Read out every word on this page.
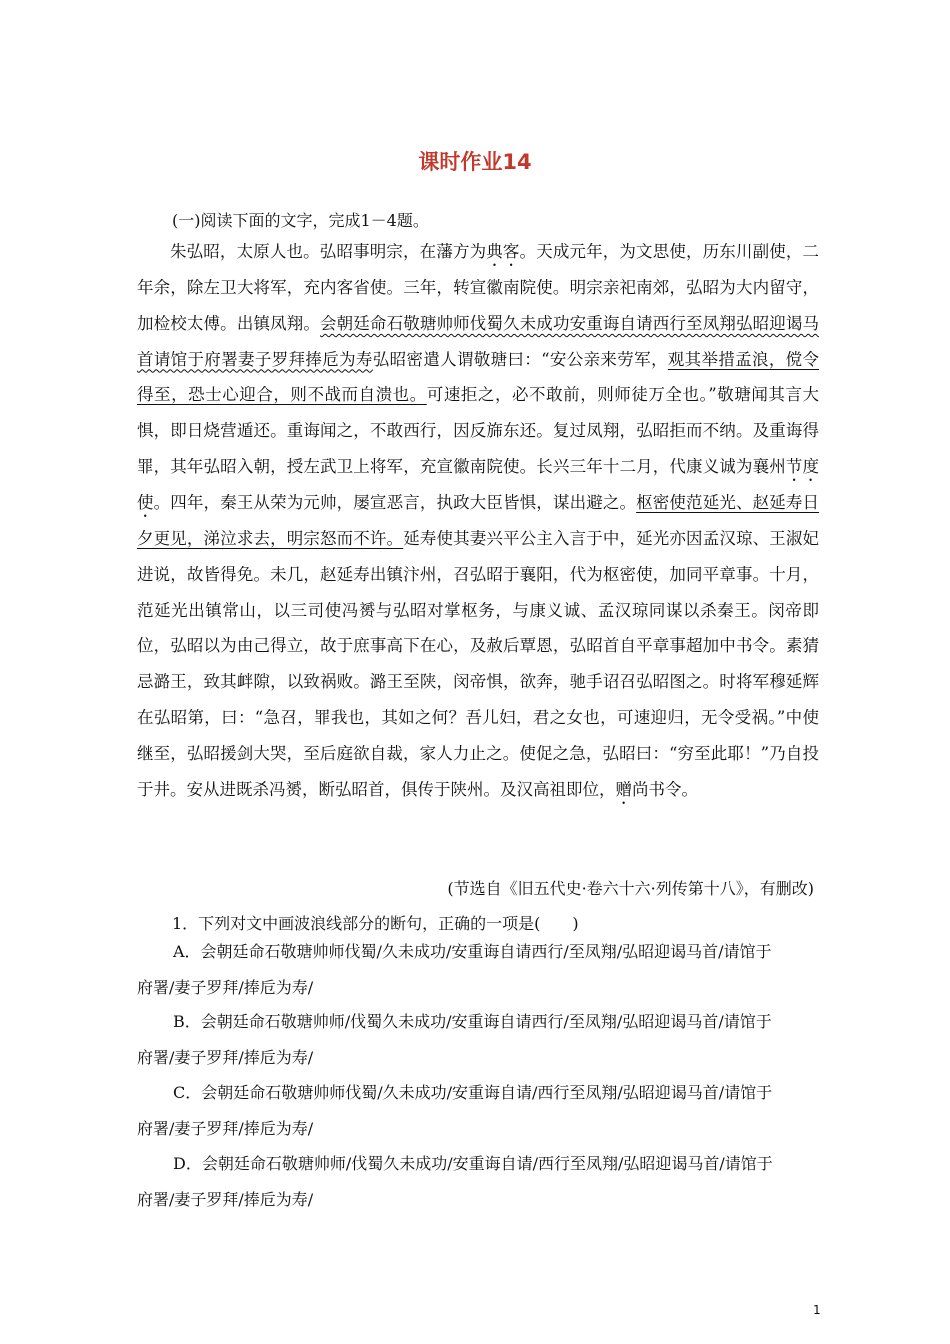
课时作业14
(一)阅读下面的文字，完成1－4题。

朱弘昭，太原人也。弘昭事明宗，在藩方为典客。天成元年，为文思使，历东川副使，二年余，除左卫大将军，充内客省使。三年，转宣徽南院使。明宗亲祀南郊，弘昭为大内留守，加检校太傅。出镇凤翔。会朝廷命石敬瑭帅师伐蜀久未成功安重诲自请西行至凤翔弘昭迎谒马首请馆于府署妻子罗拜捧卮为寿弘昭密遣人谓敬瑭曰：“安公亲来劳军，观其举措孟浪，傥令得至，恐士心迎合，则不战而自溃也。可速拒之，必不敢前，则师徒万全也。”敬瑭闻其言大惧，即日烧营遁还。重诲闻之，不敢西行，因反旆东还。复过凤翔，弘昭拒而不纳。及重诲得罪，其年弘昭入朝，授左武卫上将军，充宣徽南院使。长兴三年十二月，代康义诚为襄州节度使。四年，秦王从荣为元帅，屡宣恶言，执政大臣皆惧，谋出避之。枢密使范延光、赵延寿日夕更见，涕泣求去，明宗怒而不许。延寿使其妻兴平公主入言于中，延光亦因孟汉琼、王淑妃进说，故皆得免。未几，赵延寿出镇汴州，召弘昭于襄阳，代为枢密使，加同平章事。十月，范延光出镇常山，以三司使冯赟与弘昭对掌枢务，与康义诚、孟汉琼同谋以杀秦王。闵帝即位，弘昭以为由己得立，故于庶事高下在心，及赦后覃恩，弘昭首自平章事超加中书令。素猜忌潞王，致其衅隙，以致祸败。潞王至陕，闵帝惧，欲奔，驰手诏召弘昭图之。时将军穆延辉在弘昭第，曰：“急召，罪我也，其如之何？吾儿妇，君之女也，可速迎归，无令受祸。”中使继至，弘昭援剑大哭，至后庭欲自裁，家人力止之。使促之急，弘昭曰：“穷至此耶！”乃自投于井。安从进既杀冯赟，断弘昭首，俱传于陕州。及汉高祖即位，赠尚书令。

(节选自《旧五代史·卷六十六·列传第十八》，有删改)
1．下列对文中画波浪线部分的断句，正确的一项是(　　)
A．会朝廷命石敬瑭帅师伐蜀/久未成功/安重诲自请西行/至凤翔/弘昭迎谒马首/请馆于
府署/妻子罗拜/捧卮为寿/
B．会朝廷命石敬瑭帅师/伐蜀久未成功/安重诲自请西行/至凤翔/弘昭迎谒马首/请馆于
府署/妻子罗拜/捧卮为寿/
C．会朝廷命石敬瑭帅师伐蜀/久未成功/安重诲自请/西行至凤翔/弘昭迎谒马首/请馆于
府署/妻子罗拜/捧卮为寿/
D．会朝廷命石敬瑭帅师/伐蜀久未成功/安重诲自请/西行至凤翔/弘昭迎谒马首/请馆于
府署/妻子罗拜/捧卮为寿/
1
